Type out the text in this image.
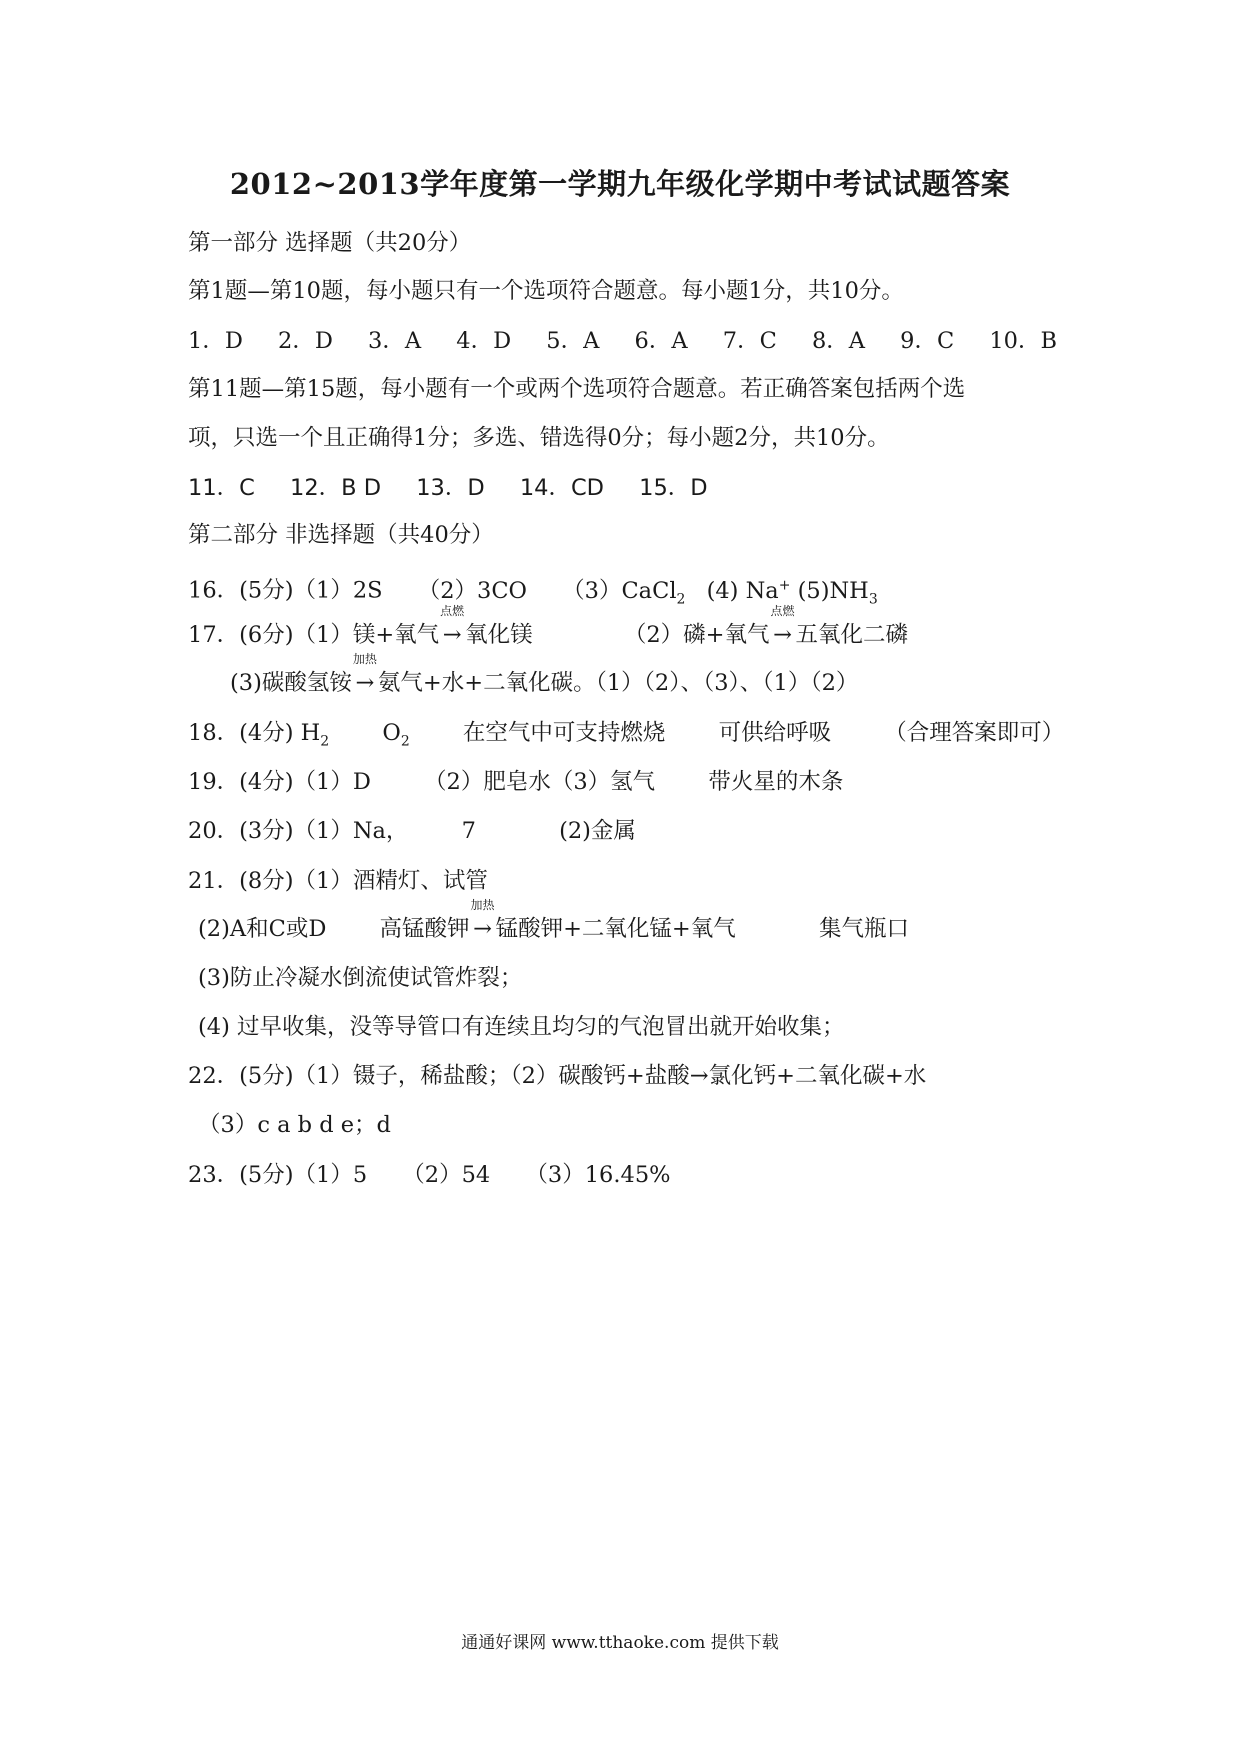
2012~2013学年度第一学期九年级化学期中考试试题答案
第一部分 选择题（共20分）
第1题—第10题，每小题只有一个选项符合题意。每小题1分，共10分。
1．D 2．D 3．A 4．D 5．A 6．A 7．C 8．A 9．C 10．B
第11题—第15题，每小题有一个或两个选项符合题意。若正确答案包括两个选
项，只选一个且正确得1分；多选、错选得0分；每小题2分，共10分。
11．C 12．B D 13．D 14．CD 15．D
第二部分 非选择题（共40分）
16．(5分)（1）2S （2）3CO （3）CaCl$_2$ (4) Na+ $(5)NH_3$
17．(6分)（1）镁+氧气
点燃
→ 氧化镁	（2）磷+氧气
点燃
→ 五氧化二磷
(3)碳酸氢铵
加热
→ 氨气+水+二氧化碳。（1）（2）、（3）、（1）（2）
18．(4分) $H_2$ $O_2$ 在空气中可支持燃烧 可供给呼吸 （合理答案即可）
19．(4分)（1）D （2）肥皂水（3）氢气 带火星的木条
20．(3分)（1）Na， 7	(2)金属
21．(8分)（1）酒精灯、试管
(2)A和C或D 高锰酸钾
加热
→ 锰酸钾+二氧化锰+氧气	集气瓶口
(3)防止冷凝水倒流使试管炸裂；
(4) 过早收集，没等导管口有连续且均匀的气泡冒出就开始收集；
22．(5分)（1）镊子，稀盐酸；（2）碳酸钙+盐酸→氯化钙+二氧化碳+水
（3）c a b d e；d
23．(5分)（1）5 （2）54 （3）16.45%
通通好课网 www.tthaoke.com 提供下载
